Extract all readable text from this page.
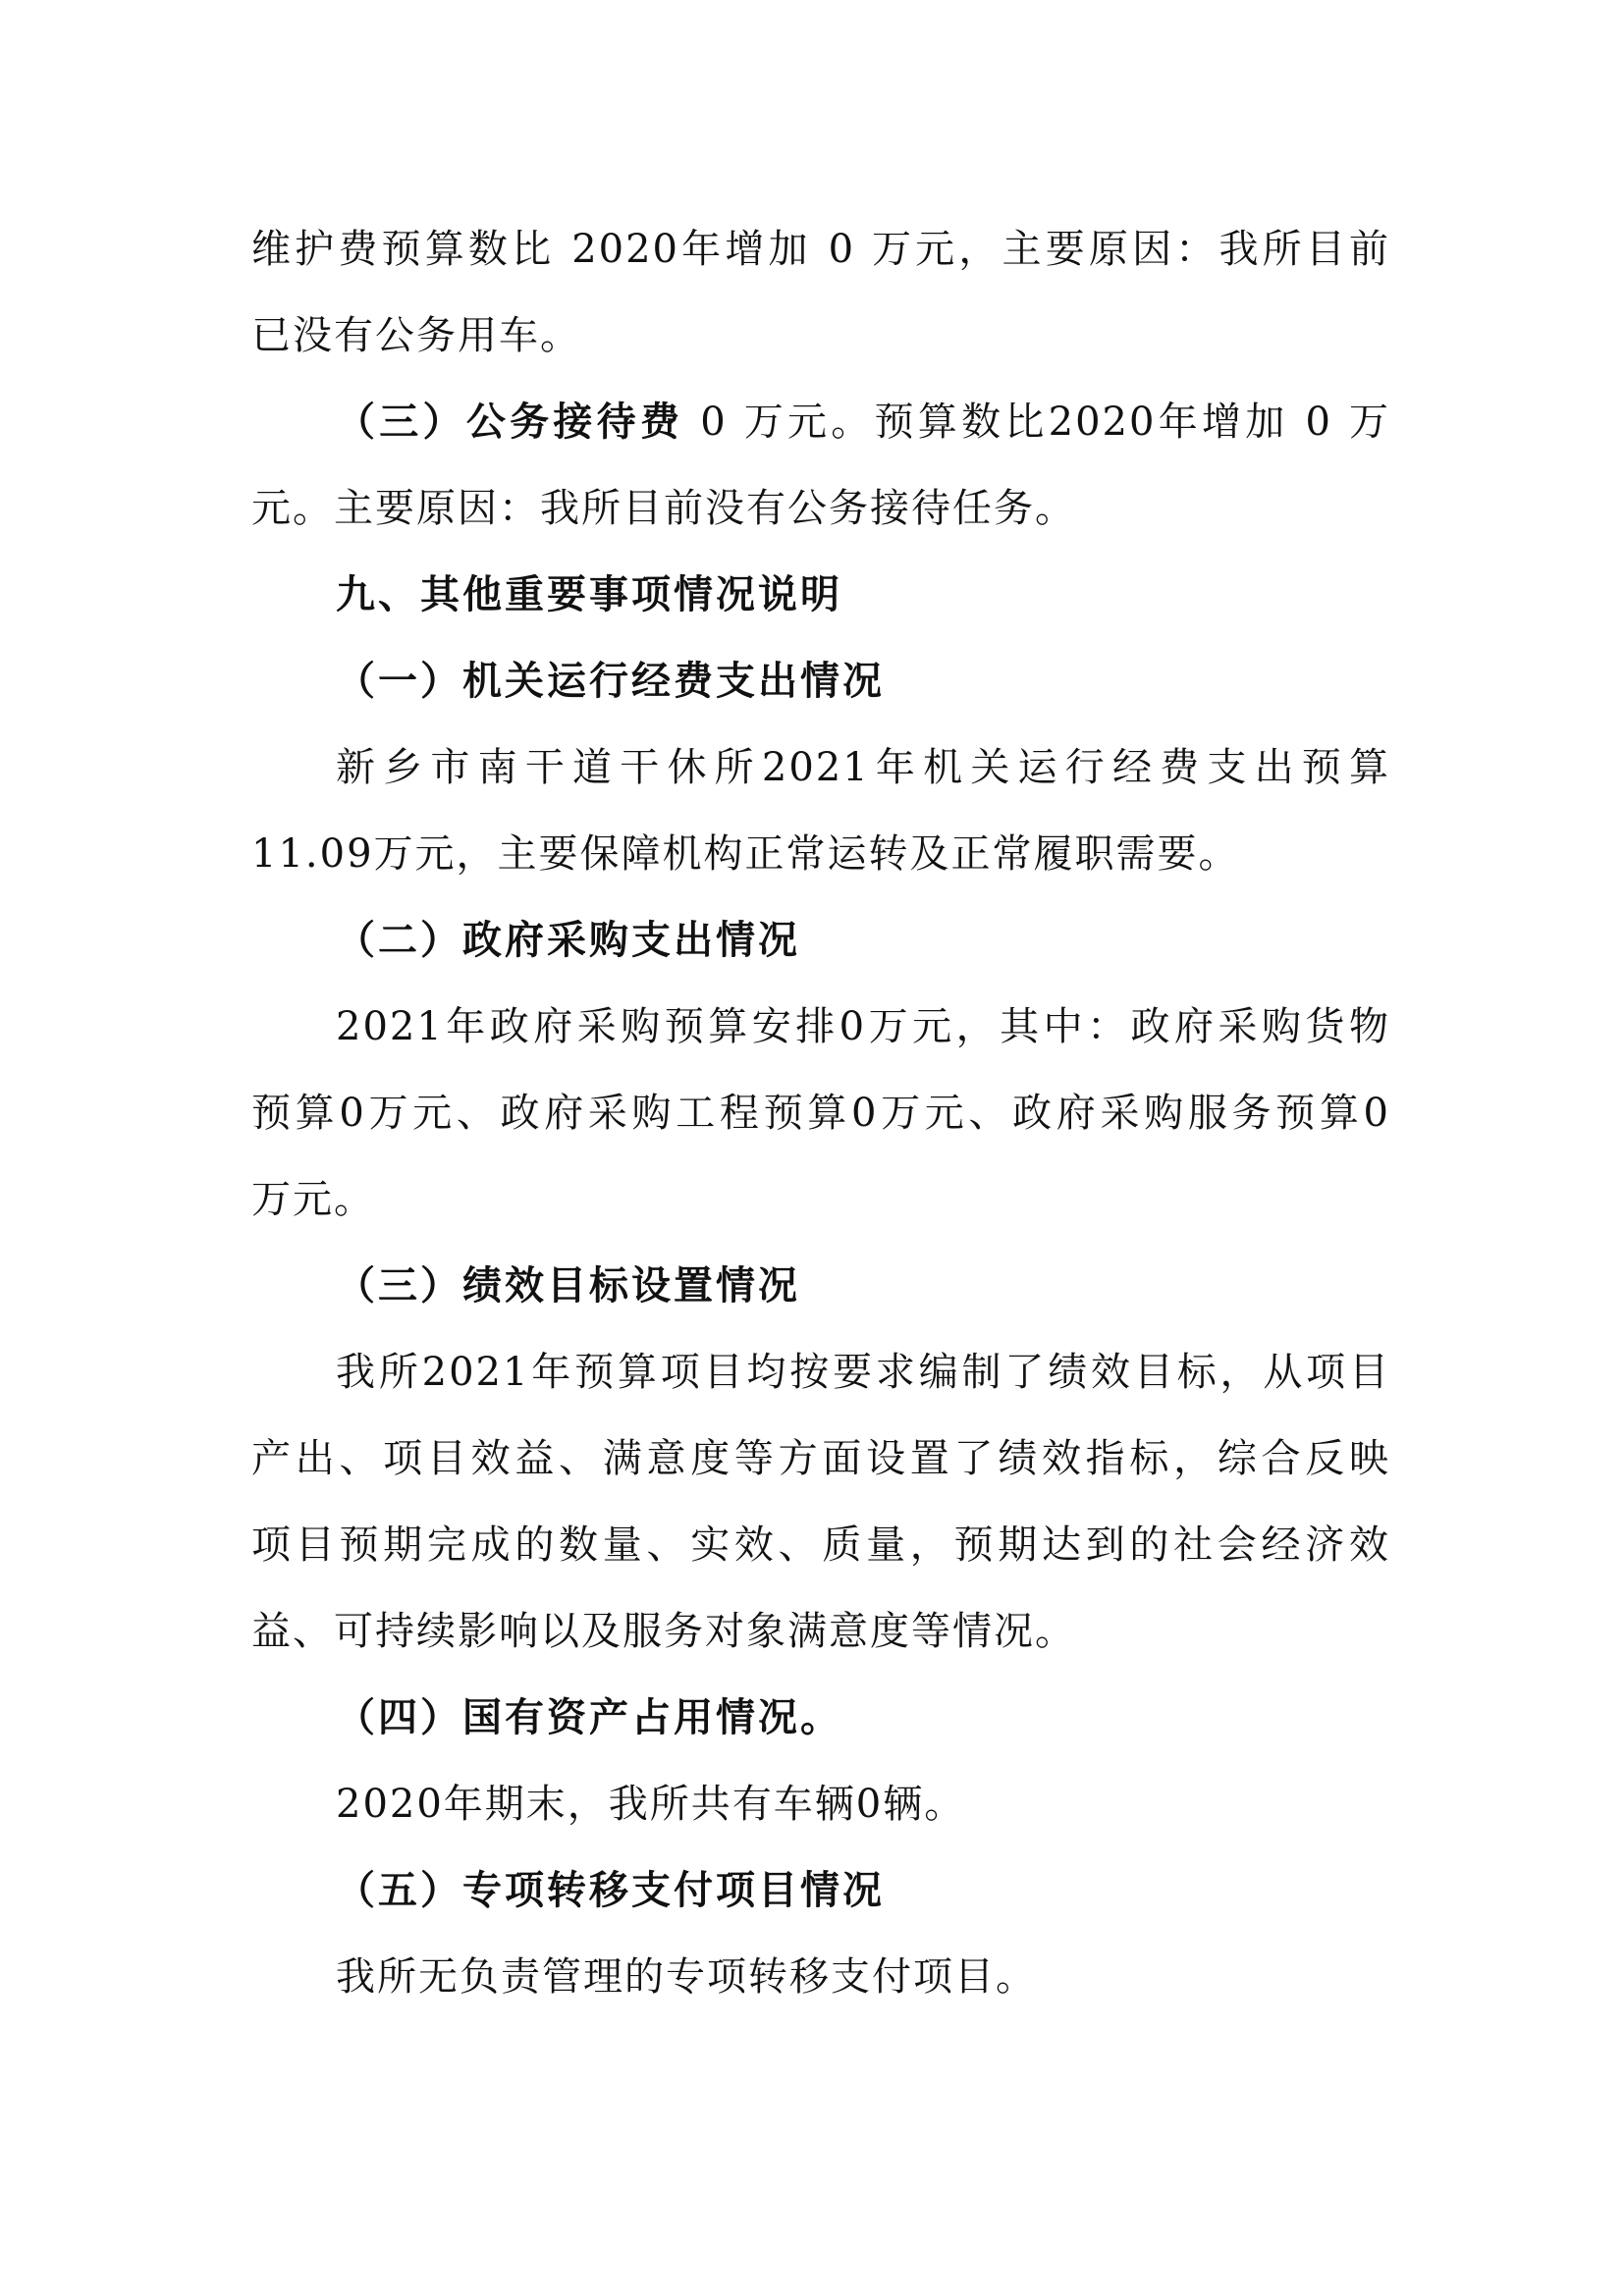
维护费预算数比 2020年增加 0 万元，主要原因：我所目前
已没有公务用车。
（三）公务接待费 0 万元。预算数比2020年增加 0 万
元。主要原因：我所目前没有公务接待任务。
九、其他重要事项情况说明
（一）机关运行经费支出情况
新乡市南干道干休所2021年机关运行经费支出预算
11.09万元，主要保障机构正常运转及正常履职需要。
（二）政府采购支出情况
2021年政府采购预算安排0万元，其中：政府采购货物
预算0万元、政府采购工程预算0万元、政府采购服务预算0
万元。
（三）绩效目标设置情况
我所2021年预算项目均按要求编制了绩效目标，从项目
产出、项目效益、满意度等方面设置了绩效指标，综合反映
项目预期完成的数量、实效、质量，预期达到的社会经济效
益、可持续影响以及服务对象满意度等情况。
（四）国有资产占用情况。
2020年期末，我所共有车辆0辆。
（五）专项转移支付项目情况
我所无负责管理的专项转移支付项目。
